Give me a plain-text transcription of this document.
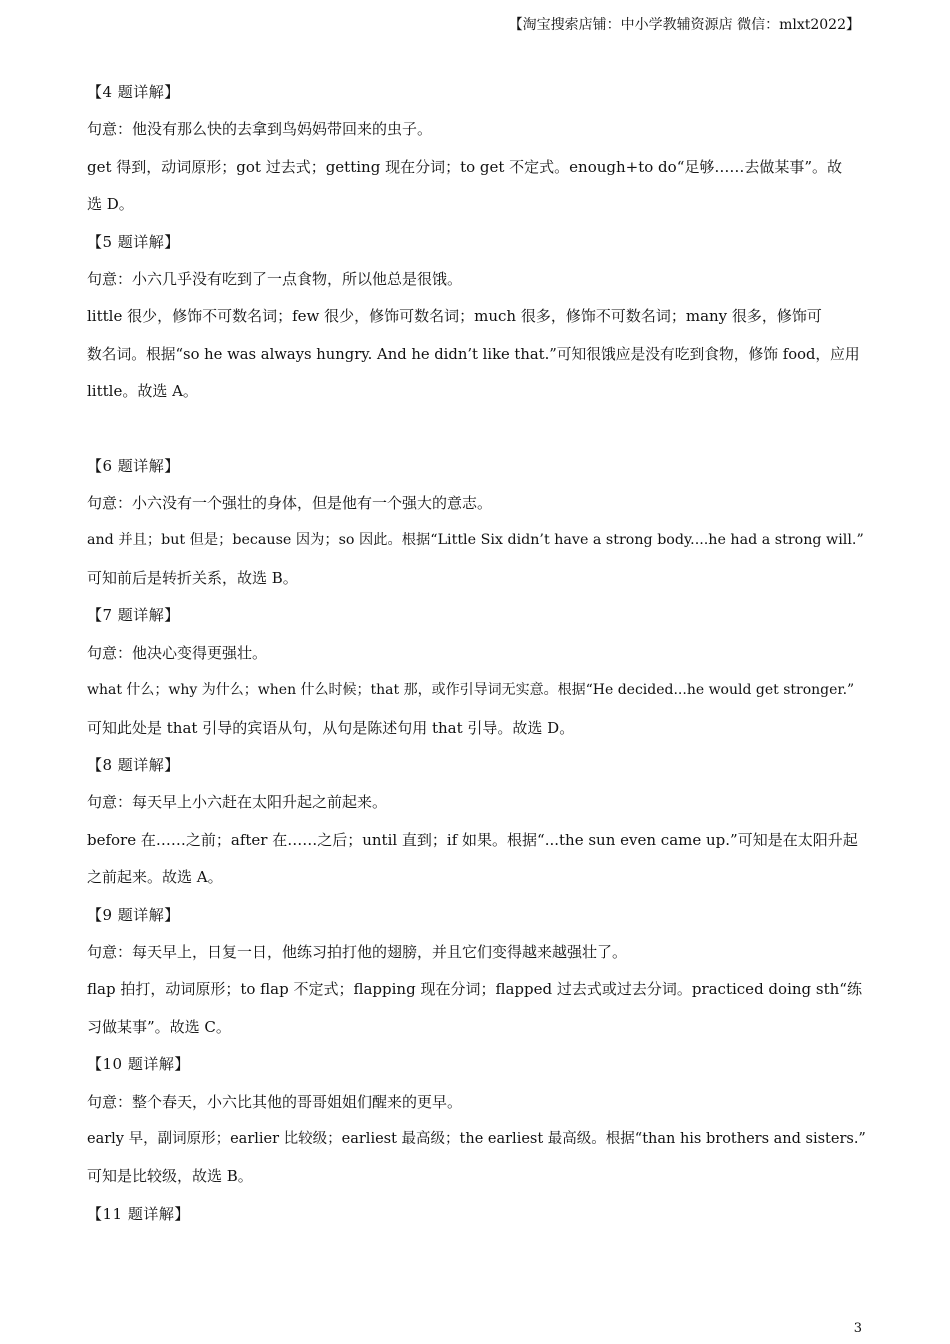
【淘宝搜索店铺：中小学教辅资源店 微信：mlxt2022】
【4 题详解】
句意：他没有那么快的去拿到鸟妈妈带回来的虫子。
get 得到，动词原形；got 过去式；getting 现在分词；to get 不定式。enough+to do“足够……去做某事”。故
选 D。
【5 题详解】
句意：小六几乎没有吃到了一点食物，所以他总是很饿。
little 很少，修饰不可数名词；few 很少，修饰可数名词；much 很多，修饰不可数名词；many 很多，修饰可
数名词。根据“so he was always hungry. And he didn’t like that.”可知很饿应是没有吃到食物，修饰 food，应用
little。故选 A。
【6 题详解】
句意：小六没有一个强壮的身体，但是他有一个强大的意志。
and 并且；but 但是；because 因为；so 因此。根据“Little Six didn’t have a strong body....he had a strong will.”
可知前后是转折关系，故选 B。
【7 题详解】
句意：他决心变得更强壮。
what 什么；why 为什么；when 什么时候；that 那，或作引导词无实意。根据“He decided...he would get stronger.”
可知此处是 that 引导的宾语从句，从句是陈述句用 that 引导。故选 D。
【8 题详解】
句意：每天早上小六赶在太阳升起之前起来。
before 在……之前；after 在……之后；until 直到；if 如果。根据“...the sun even came up.”可知是在太阳升起
之前起来。故选 A。
【9 题详解】
句意：每天早上，日复一日，他练习拍打他的翅膀，并且它们变得越来越强壮了。
flap 拍打，动词原形；to flap 不定式；flapping 现在分词；flapped 过去式或过去分词。practiced doing sth“练
习做某事”。故选 C。
【10 题详解】
句意：整个春天，小六比其他的哥哥姐姐们醒来的更早。
early 早，副词原形；earlier 比较级；earliest 最高级；the earliest 最高级。根据“than his brothers and sisters.”
可知是比较级，故选 B。
【11 题详解】
3
